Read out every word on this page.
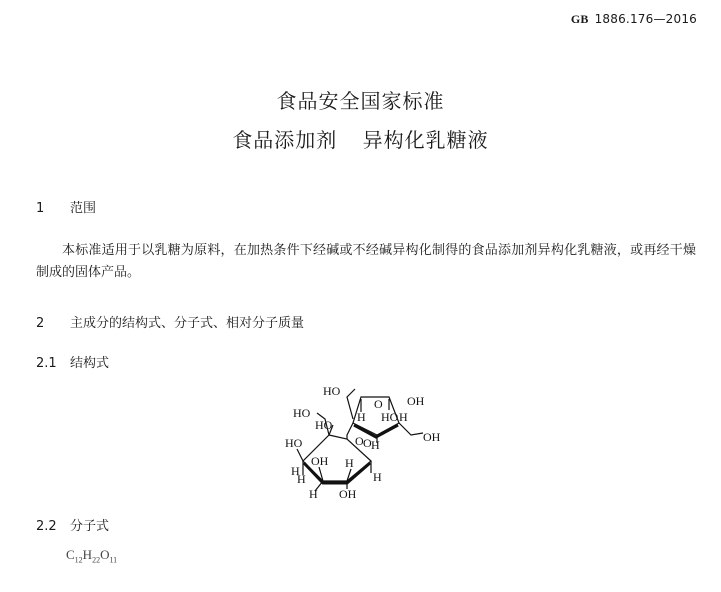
GB 1886.176—2016
食品安全国家标准
食品添加剂 异构化乳糖液
1 范围
本标准适用于以乳糖为原料，在加热条件下经碱或不经碱异构化制得的食品添加剂异构化乳糖液，或再经干燥制成的固体产品。
2 主成分的结构式、分子式、相对分子质量
2.1 结构式
HO
O OH
HO	H HO H
OH
HO
H
O
HO	O
OH H
H	H
H
H OH
2.2 分子式
$C_{12}H_{22}O_{11}$
